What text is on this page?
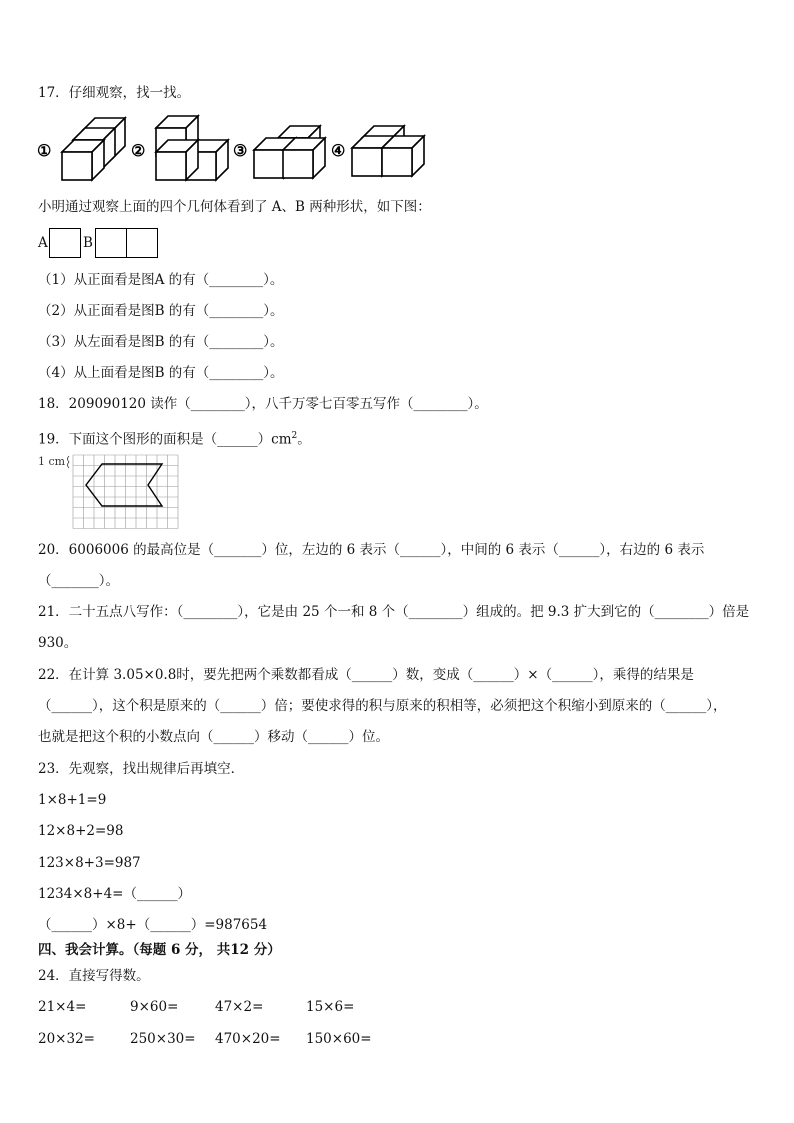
17．仔细观察，找一找。
①	②	③	④
小明通过观察上面的四个几何体看到了 A、B 两种形状，如下图：
A	B
（1）从正面看是图A 的有（________）。
（2）从正面看是图B 的有（________）。
（3）从左面看是图B 的有（________）。
（4）从上面看是图B 的有（________）。
18．209090120 读作（________），八千万零七百零五写作（________）。
19．下面这个图形的面积是$(\_\_\_\_\_\_)cm^2$。
1 cm
20．6006006 的最高位是（_______）位，左边的 6 表示（______），中间的 6 表示（______），右边的 6 表示
（_______）。
21．二十五点八写作：（________），它是由 25 个一和 8 个（________）组成的。把 9.3 扩大到它的（________）倍是
930。
22．在计算 3.05×0.8时，要先把两个乘数都看成（______）数，变成（______）×（______），乘得的结果是
（______），这个积是原来的（______）倍；要使求得的积与原来的积相等，必须把这个积缩小到原来的（______），
也就是把这个积的小数点向（______）移动（______）位。
23．先观察，找出规律后再填空．
1×8+1=9
12×8+2=98
123×8+3=987
1234×8+4=（______）
（______）×8+（______）=987654
四、我会计算。（每题 6 分， 共12 分）
24．直接写得数。
21×4=	9×60=	47×2=	15×6=
20×32=	250×30= 470×20= 150×60=
